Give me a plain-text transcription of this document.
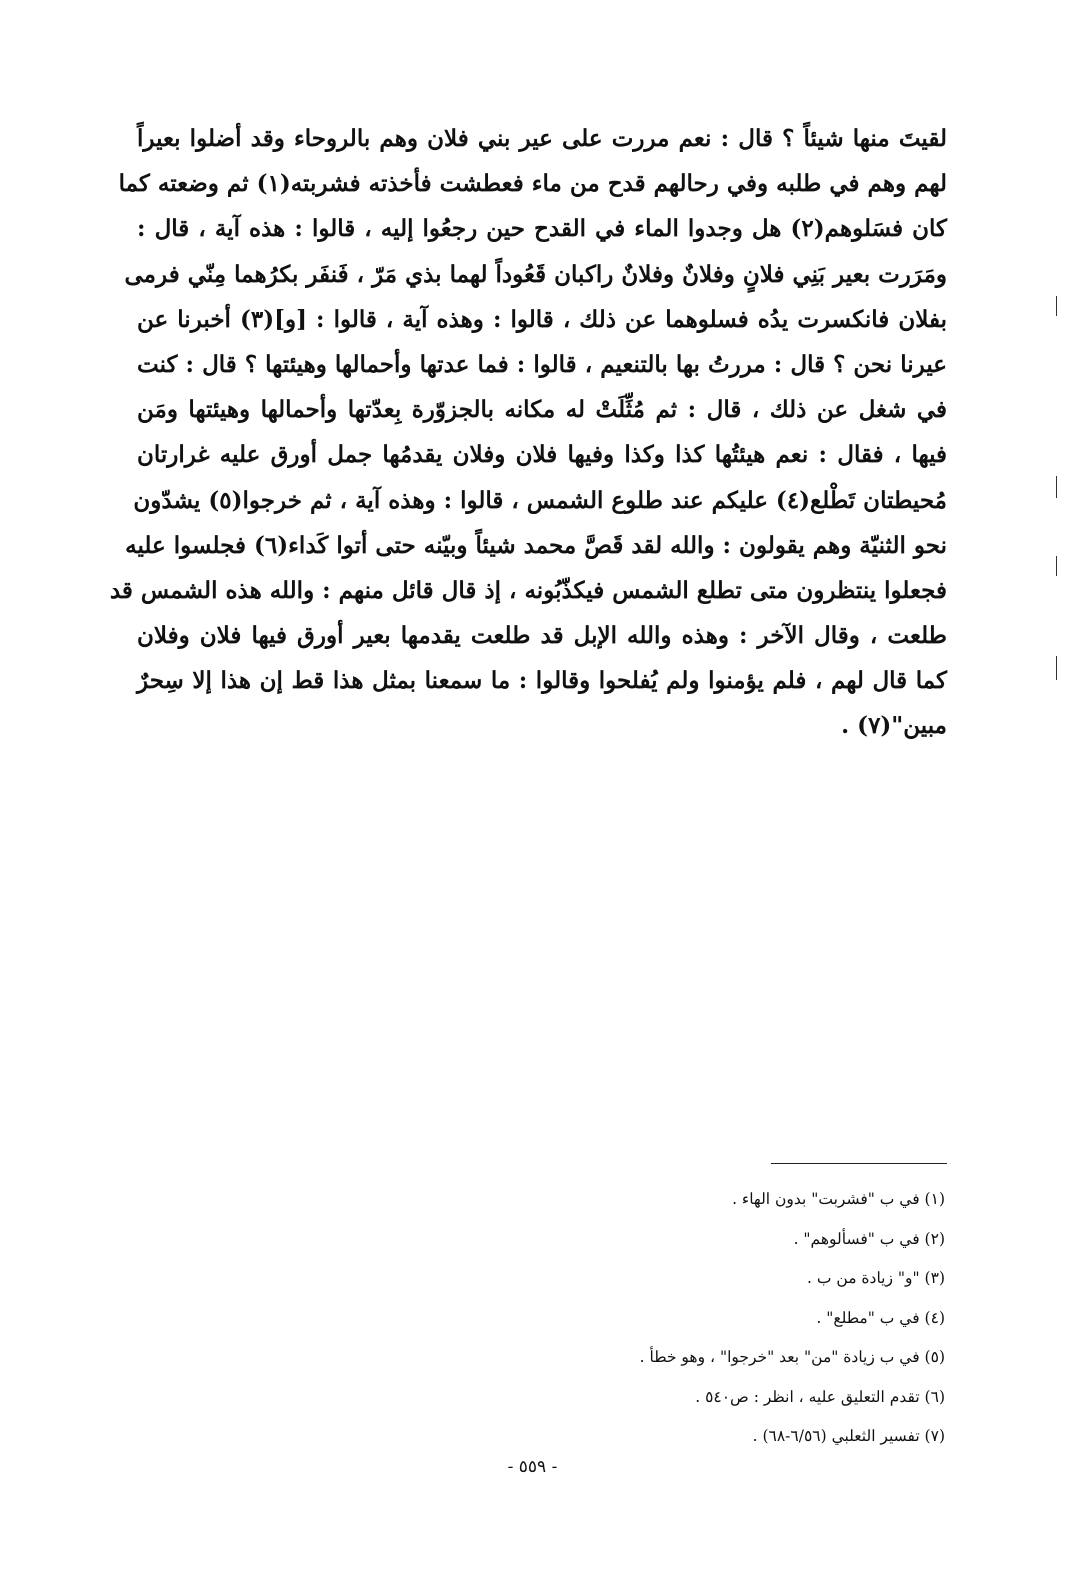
لقيتَ منها شيئاً ؟ قال : نعم مررت على عير بني فلان وهم بالروحاء وقد أضلوا بعيراً
لهم وهم في طلبه وفي رحالهم قدح من ماء فعطشت فأخذته فشربته(١) ثم وضعته كما
كان فسَلوهم(٢) هل وجدوا الماء في القدح حين رجعُوا إليه ، قالوا : هذه آية ، قال :
ومَرَرت بعير بَنِي فلانٍ وفلانٌ وفلانٌ راكبان قَعُوداً لهما بذي مَرّ ، فَنفَر بكرُهما مِنّي فرمى
بفلان فانكسرت يدُه فسلوهما عن ذلك ، قالوا : وهذه آية ، قالوا : [و](٣) أخبرنا عن
عيرنا نحن ؟ قال : مررتُ بها بالتنعيم ، قالوا : فما عدتها وأحمالها وهيئتها ؟ قال : كنت
في شغل عن ذلك ، قال : ثم مُثِّلَتْ له مكانه بالجزوّرة بِعدّتها وأحمالها وهيئتها ومَن
فيها ، فقال : نعم هيئتُها كذا وكذا وفيها فلان وفلان يقدمُها جمل أورق عليه غرارتان
مُحيطتان تَطْلع(٤) عليكم عند طلوع الشمس ، قالوا : وهذه آية ، ثم خرجوا(٥) يشدّون
نحو الثنيّة وهم يقولون : والله لقد قَصَّ محمد شيئاً وبيّنه حتى أتوا كَداء(٦) فجلسوا عليه
فجعلوا ينتظرون متى تطلع الشمس فيكذّبُونه ، إذ قال قائل منهم : والله هذه الشمس قد
طلعت ، وقال الآخر : وهذه والله الإبل قد طلعت يقدمها بعير أورق فيها فلان وفلان
كما قال لهم ، فلم يؤمنوا ولم يُفلحوا وقالوا : ما سمعنا بمثل هذا قط إن هذا إلا سِحرٌ
مبين"(٧) .
(١) في ب "فشربت" بدون الهاء .
(٢) في ب "فسألوهم" .
(٣) "و" زيادة من ب .
(٤) في ب "مطلع" .
(٥) في ب زيادة "من" بعد "خرجوا" ، وهو خطأ .
(٦) تقدم التعليق عليه ، انظر : ص٥٤٠ .
(٧) تفسير الثعلبي (٦/٥٦-٦٨) .
- ٥٥٩ -
